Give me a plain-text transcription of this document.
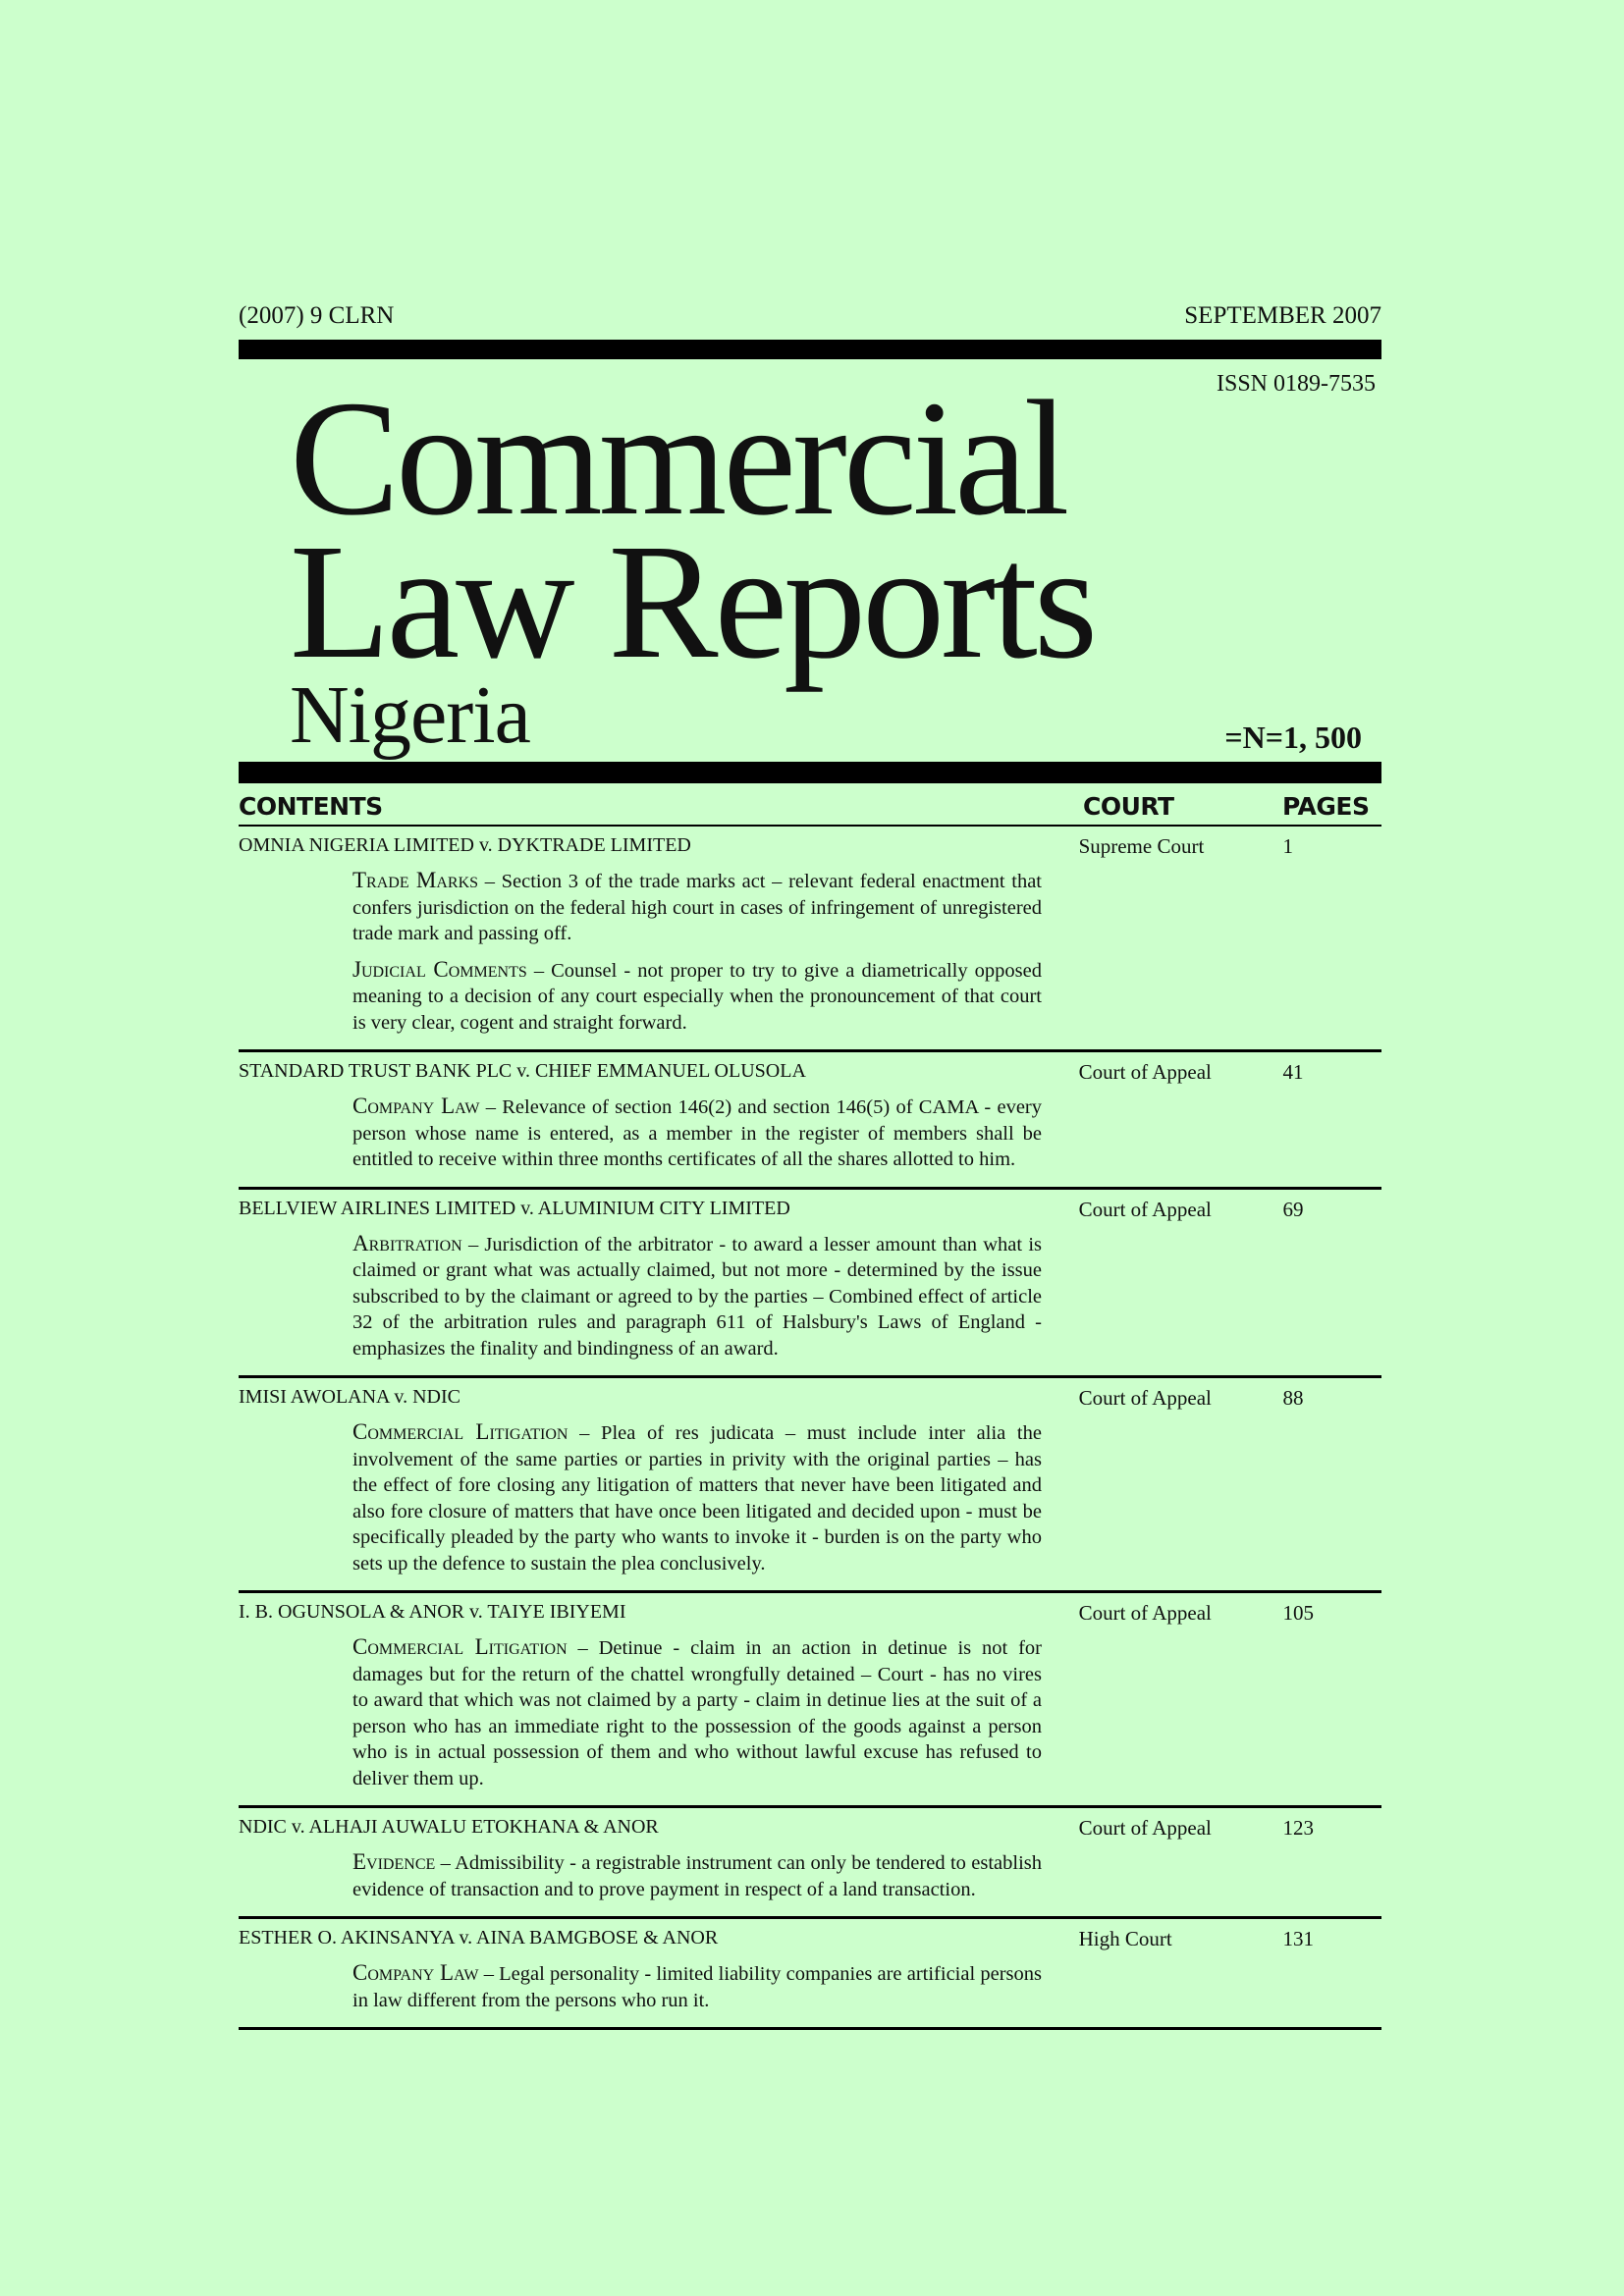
(2007) 9 CLRN	SEPTEMBER 2007
ISSN 0189-7535
Commercial
Law Reports
Nigeria	=N=1, 500
CONTENTS	COURT	PAGES
OMNIA NIGERIA LIMITED v. DYKTRADE LIMITED	Supreme Court	1
Trade Marks – Section 3 of the trade marks act – relevant federal enactment that confers jurisdiction on the federal high court in cases of infringement of unregistered trade mark and passing off.
Judicial Comments – Counsel - not proper to try to give a diametrically opposed meaning to a decision of any court especially when the pronouncement of that court is very clear, cogent and straight forward.
STANDARD TRUST BANK PLC v. CHIEF EMMANUEL OLUSOLA	Court of Appeal	41
Company Law – Relevance of section 146(2) and section 146(5) of CAMA - every person whose name is entered, as a member in the register of members shall be entitled to receive within three months certificates of all the shares allotted to him.
BELLVIEW AIRLINES LIMITED v. ALUMINIUM CITY LIMITED	Court of Appeal	69
Arbitration – Jurisdiction of the arbitrator - to award a lesser amount than what is claimed or grant what was actually claimed, but not more - determined by the issue subscribed to by the claimant or agreed to by the parties – Combined effect of article 32 of the arbitration rules and paragraph 611 of Halsbury's Laws of England - emphasizes the finality and bindingness of an award.
IMISI AWOLANA v. NDIC	Court of Appeal	88
Commercial Litigation – Plea of res judicata – must include inter alia the involvement of the same parties or parties in privity with the original parties – has the effect of fore closing any litigation of matters that never have been litigated and also fore closure of matters that have once been litigated and decided upon - must be specifically pleaded by the party who wants to invoke it - burden is on the party who sets up the defence to sustain the plea conclusively.
I. B. OGUNSOLA & ANOR v. TAIYE IBIYEMI	Court of Appeal	105
Commercial Litigation – Detinue - claim in an action in detinue is not for damages but for the return of the chattel wrongfully detained – Court - has no vires to award that which was not claimed by a party - claim in detinue lies at the suit of a person who has an immediate right to the possession of the goods against a person who is in actual possession of them and who without lawful excuse has refused to deliver them up.
NDIC v. ALHAJI AUWALU ETOKHANA & ANOR	Court of Appeal	123
Evidence – Admissibility - a registrable instrument can only be tendered to establish evidence of transaction and to prove payment in respect of a land transaction.
ESTHER O. AKINSANYA v. AINA BAMGBOSE & ANOR	High Court	131
Company Law – Legal personality - limited liability companies are artificial persons in law different from the persons who run it.
